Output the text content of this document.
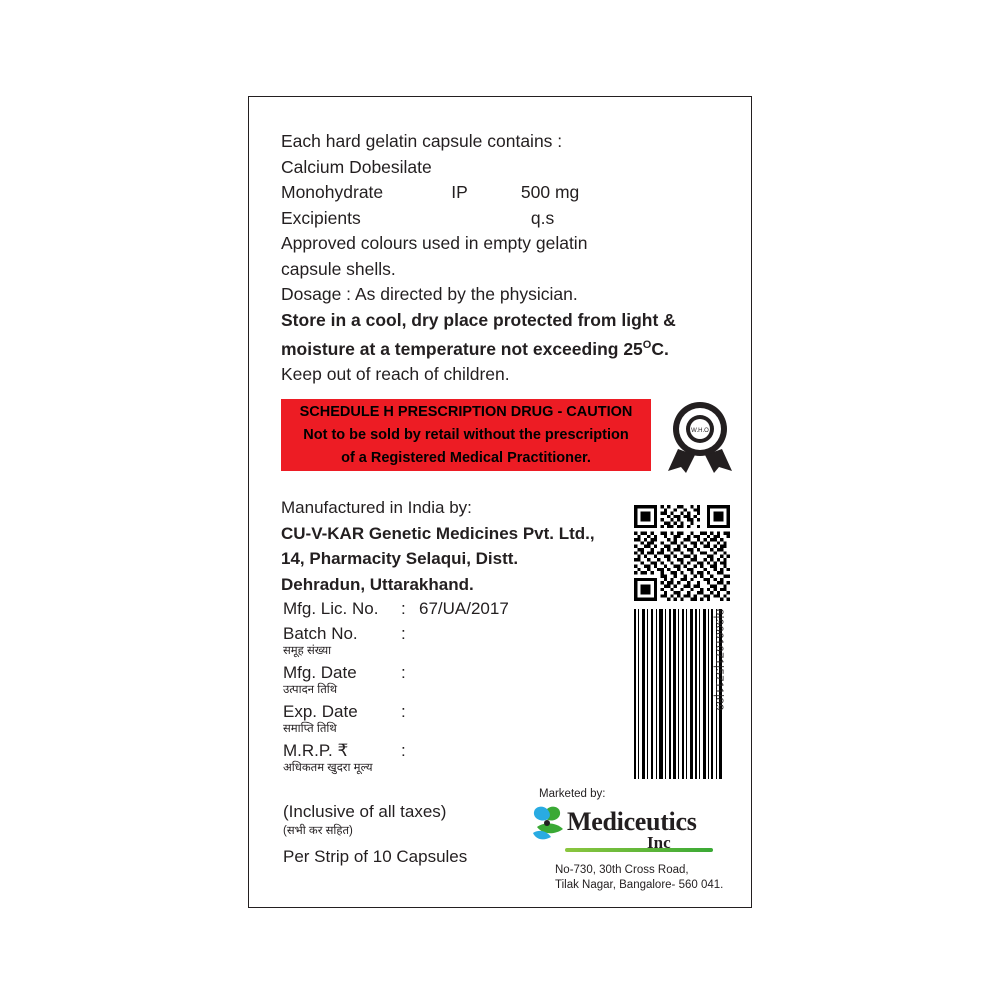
Each hard gelatin capsule contains :
Calcium Dobesilate
Monohydrate              IP           500 mg
Excipients                                   q.s
Approved colours used in empty gelatin
capsule shells.
Dosage : As directed by the physician.
Store in a cool, dry place protected from light &
moisture at a temperature not exceeding $25^OC$.
Keep out of reach of children.
SCHEDULE H PRESCRIPTION DRUG - CAUTION
Not to be sold by retail without the prescription
of a Registered Medical Practitioner.
W.H.O
G.M.P.
Manufactured in India by:
CU-V-KAR Genetic Medicines Pvt. Ltd.,
14, Pharmacity Selaqui, Distt.
Dehradun, Uttarakhand.
Mfg. Lic. No. : 67/UA/2017
Batch No.	:
समूह संख्या
Mfg. Date	:
उत्पादन तिथि
Exp. Date	:
समाप्ति तिथि
M.R.P. ₹	:
अधिकतम खुदरा मूल्य
(Inclusive of all taxes)
(सभी कर सहित)
Per Strip of 10 Capsules
8|9061071|5711|89
Marketed by:
Mediceutics
Inc
No-730, 30th Cross Road,
Tilak Nagar, Bangalore- 560 041.
